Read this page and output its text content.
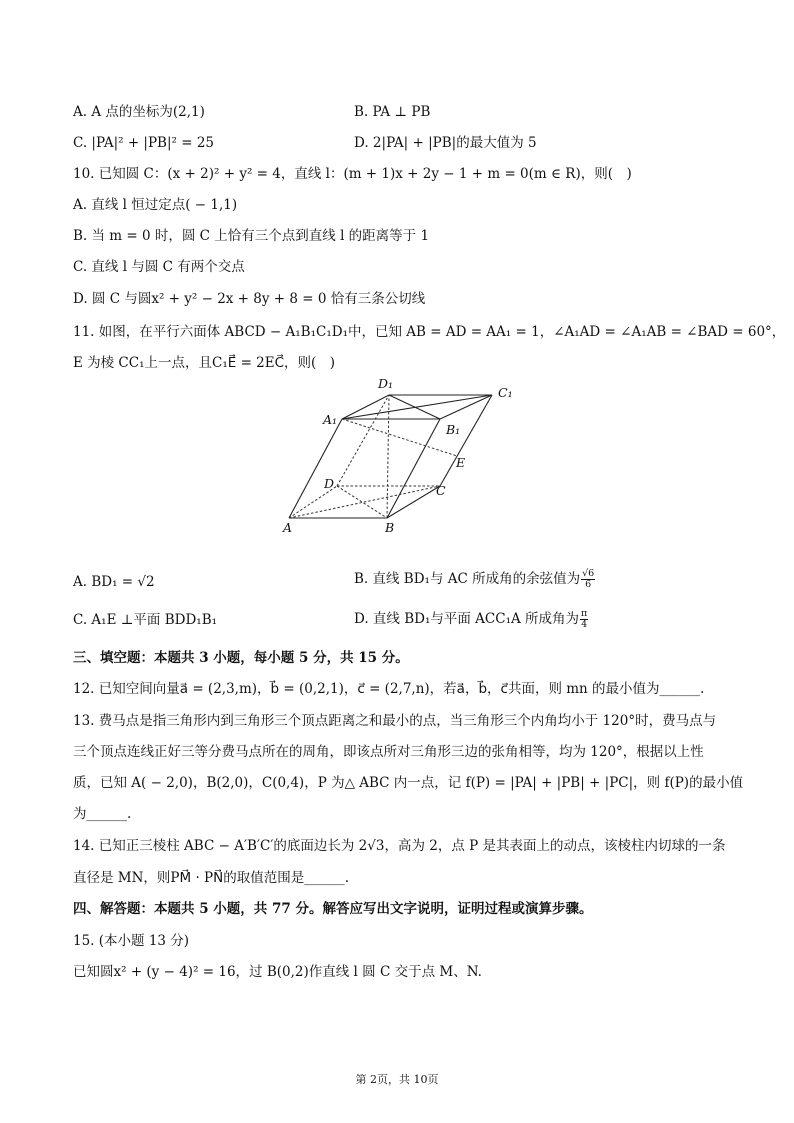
A. A 点的坐标为(2,1)	B. PA ⊥ PB
C. |PA|² + |PB|² = 25	D. 2|PA| + |PB|的最大值为 5
10. 已知圆 C：(x + 2)² + y² = 4，直线 l：(m + 1)x + 2y − 1 + m = 0(m ∈ R)，则(　)
A. 直线 l 恒过定点( − 1,1)
B. 当 m = 0 时，圆 C 上恰有三个点到直线 l 的距离等于 1
C. 直线 l 与圆 C 有两个交点
D. 圆 C 与圆x² + y² − 2x + 8y + 8 = 0 恰有三条公切线
11. 如图，在平行六面体 ABCD − A₁B₁C₁D₁中，已知 AB = AD = AA₁ = 1，∠A₁AD = ∠A₁AB = ∠BAD = 60°，
E 为棱 CC₁上一点，且C₁E⃗ = 2EC⃗，则(　)
D₁
C₁
A₁
B₁
E
D	C
A	B
A. BD₁ = √2	B. 直线 BD₁与 AC 所成角的余弦值为 $\frac{√6}{6}$
C. A₁E ⊥平面 BDD₁B₁	D. 直线 BD₁与平面 ACC₁A 所成角为 $\frac{\pi}{4}$
三、填空题：本题共 3 小题，每小题 5 分，共 15 分。
12. 已知空间向量a⃗ = (2,3,m)，b⃗ = (0,2,1)，c⃗ = (2,7,n)，若a⃗，b⃗，c⃗共面，则 mn 的最小值为______.
13. 费马点是指三角形内到三角形三个顶点距离之和最小的点，当三角形三个内角均小于 120°时，费马点与
三个顶点连线正好三等分费马点所在的周角，即该点所对三角形三边的张角相等，均为 120°，根据以上性
质，已知 A( − 2,0)，B(2,0)，C(0,4)，P 为△ ABC 内一点，记 f(P) = |PA| + |PB| + |PC|，则 f(P)的最小值
为______.
14. 已知正三棱柱 ABC − A′B′C′的底面边长为 2√3，高为 2，点 P 是其表面上的动点，该棱柱内切球的一条
直径是 MN，则PM⃗ · PN⃗的取值范围是______.
四、解答题：本题共 5 小题，共 77 分。解答应写出文字说明，证明过程或演算步骤。
15. (本小题 13 分)
已知圆x² + (y − 4)² = 16，过 B(0,2)作直线 l 圆 C 交于点 M、N.
第 2页，共 10页
